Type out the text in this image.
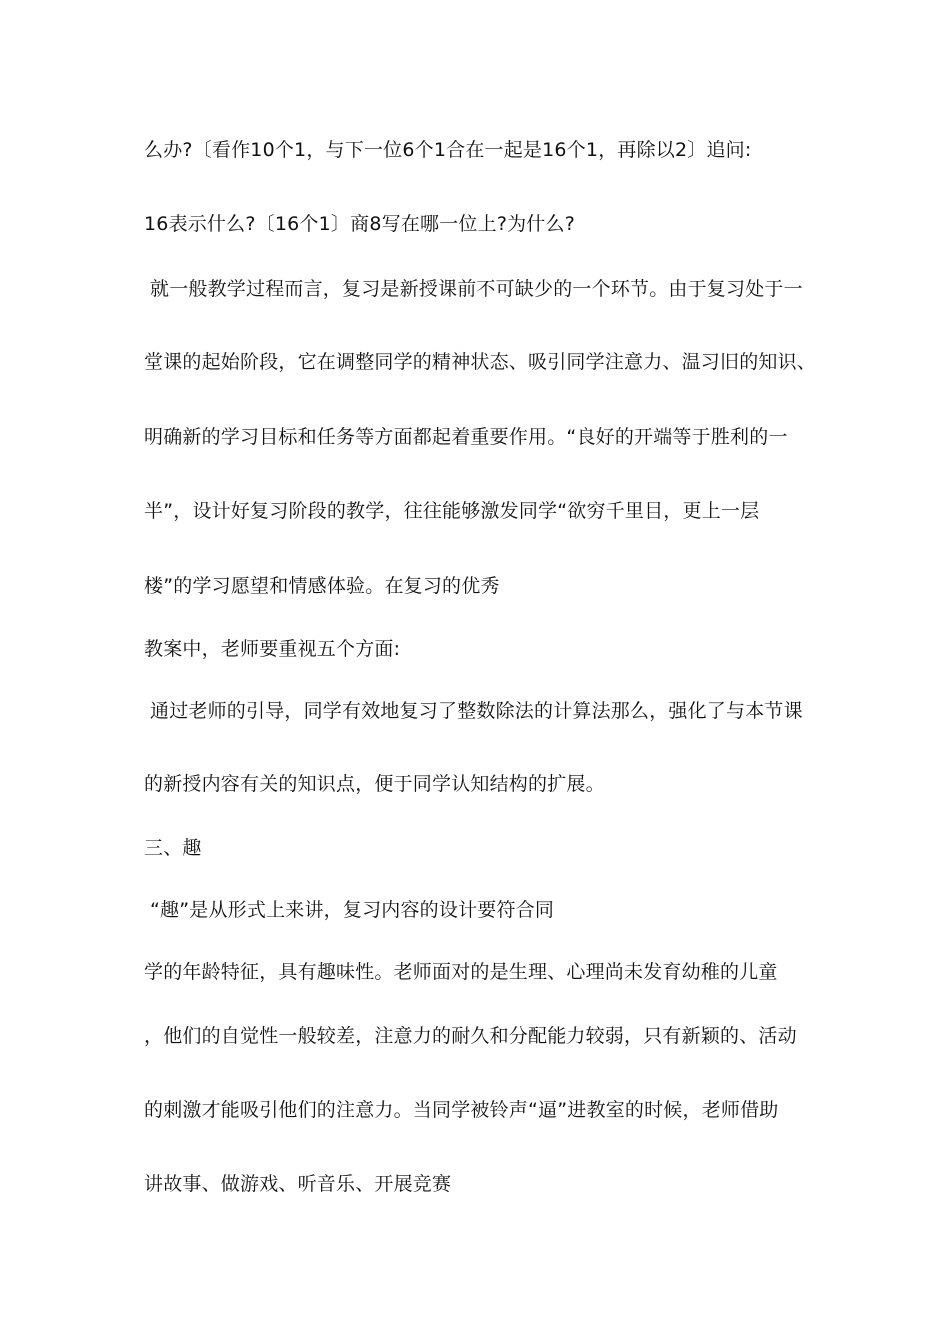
么办?〔看作10个1，与下一位6个1合在一起是16个1，再除以2〕追问:
16表示什么?〔16个1〕商8写在哪一位上?为什么?
就一般教学过程而言，复习是新授课前不可缺少的一个环节。由于复习处于一
堂课的起始阶段，它在调整同学的精神状态、吸引同学注意力、温习旧的知识、
明确新的学习目标和任务等方面都起着重要作用。“良好的开端等于胜利的一
半”，设计好复习阶段的教学，往往能够激发同学“欲穷千里目，更上一层
楼”的学习愿望和情感体验。在复习的优秀
教案中，老师要重视五个方面:
通过老师的引导，同学有效地复习了整数除法的计算法那么，强化了与本节课
的新授内容有关的知识点，便于同学认知结构的扩展。
三、趣
“趣”是从形式上来讲，复习内容的设计要符合同
学的年龄特征，具有趣味性。老师面对的是生理、心理尚未发育幼稚的儿童
，他们的自觉性一般较差，注意力的耐久和分配能力较弱，只有新颖的、活动
的刺激才能吸引他们的注意力。当同学被铃声“逼”进教室的时候，老师借助
讲故事、做游戏、听音乐、开展竞赛
